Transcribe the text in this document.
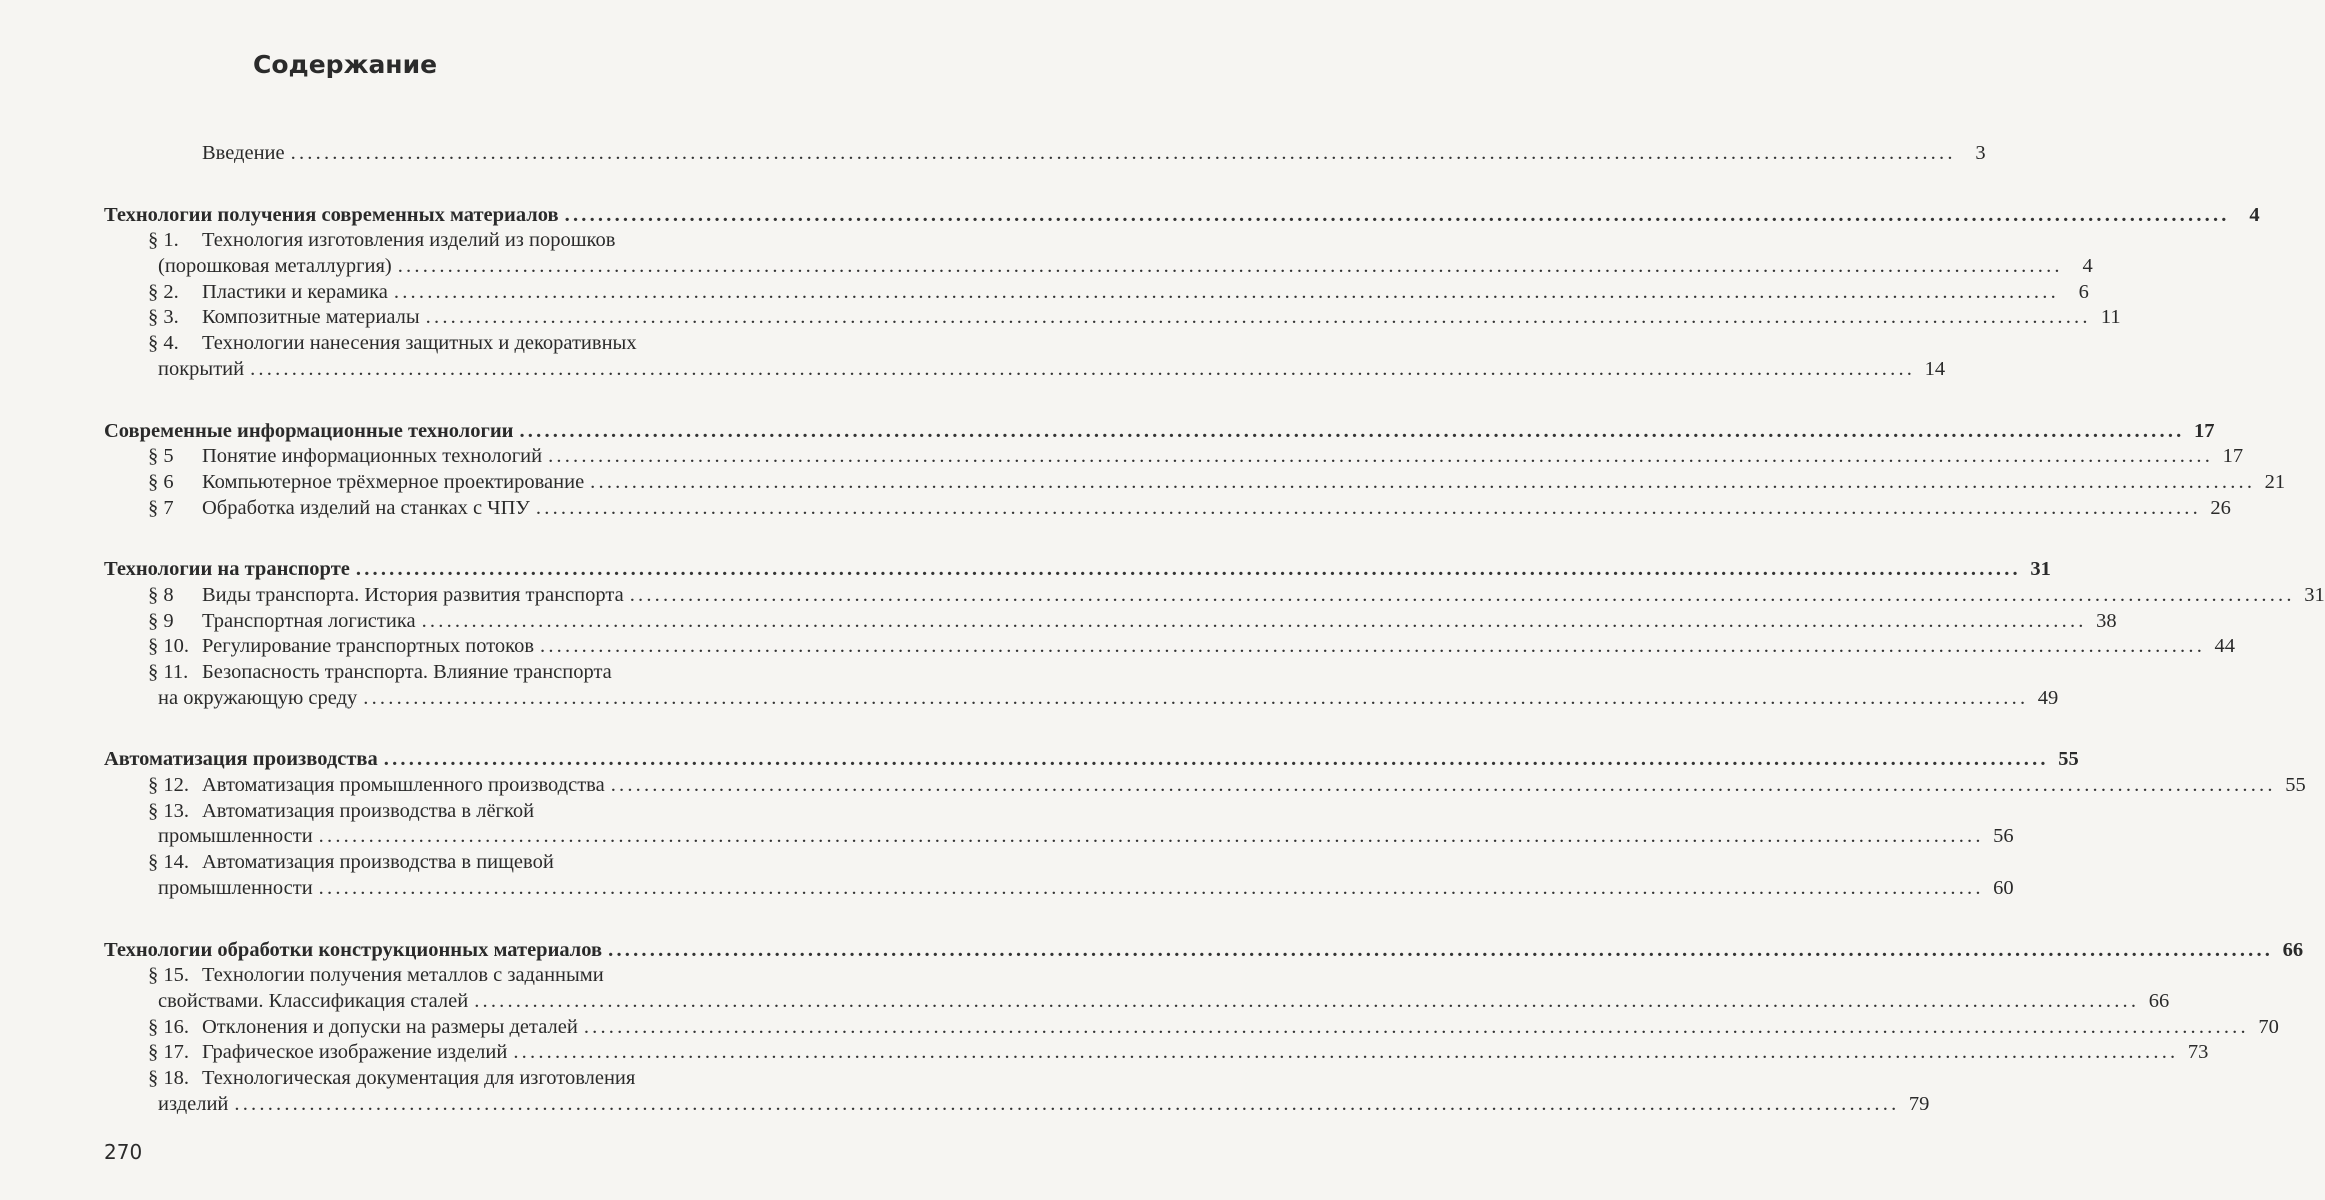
Содержание
Введение ........................................................................................................................................................................................................ 3
Технологии получения современных материалов ........................................................................................................................................................................................................ 4
§ 1.	Технология изготовления изделий из порошков
(порошковая металлургия) ........................................................................................................................................................................................................ 4
§ 2.	Пластики и керамика ........................................................................................................................................................................................................ 6
§ 3.	Композитные материалы ........................................................................................................................................................................................................ 11
§ 4.	Технологии нанесения защитных и декоративных
покрытий ........................................................................................................................................................................................................ 14
Современные информационные технологии ........................................................................................................................................................................................................ 17
§ 5	Понятие информационных технологий ........................................................................................................................................................................................................ 17
§ 6	Компьютерное трёхмерное проектирование ........................................................................................................................................................................................................ 21
§ 7	Обработка изделий на станках с ЧПУ ........................................................................................................................................................................................................ 26
Технологии на транспорте ........................................................................................................................................................................................................ 31
§ 8	Виды транспорта. История развития транспорта ........................................................................................................................................................................................................ 31
§ 9	Транспортная логистика ........................................................................................................................................................................................................ 38
§ 10. Регулирование транспортных потоков ........................................................................................................................................................................................................ 44
§ 11. Безопасность транспорта. Влияние транспорта
на окружающую среду ........................................................................................................................................................................................................ 49
Автоматизация производства ........................................................................................................................................................................................................ 55
§ 12. Автоматизация промышленного производства ........................................................................................................................................................................................................ 55
§ 13. Автоматизация производства в лёгкой
промышленности ........................................................................................................................................................................................................ 56
§ 14. Автоматизация производства в пищевой
промышленности ........................................................................................................................................................................................................ 60
Технологии обработки конструкционных материалов ........................................................................................................................................................................................................ 66
§ 15. Технологии получения металлов с заданными
свойствами. Классификация сталей ........................................................................................................................................................................................................ 66
§ 16. Отклонения и допуски на размеры деталей ........................................................................................................................................................................................................ 70
§ 17. Графическое изображение изделий ........................................................................................................................................................................................................ 73
§ 18. Технологическая документация для изготовления
изделий ........................................................................................................................................................................................................ 79
270
